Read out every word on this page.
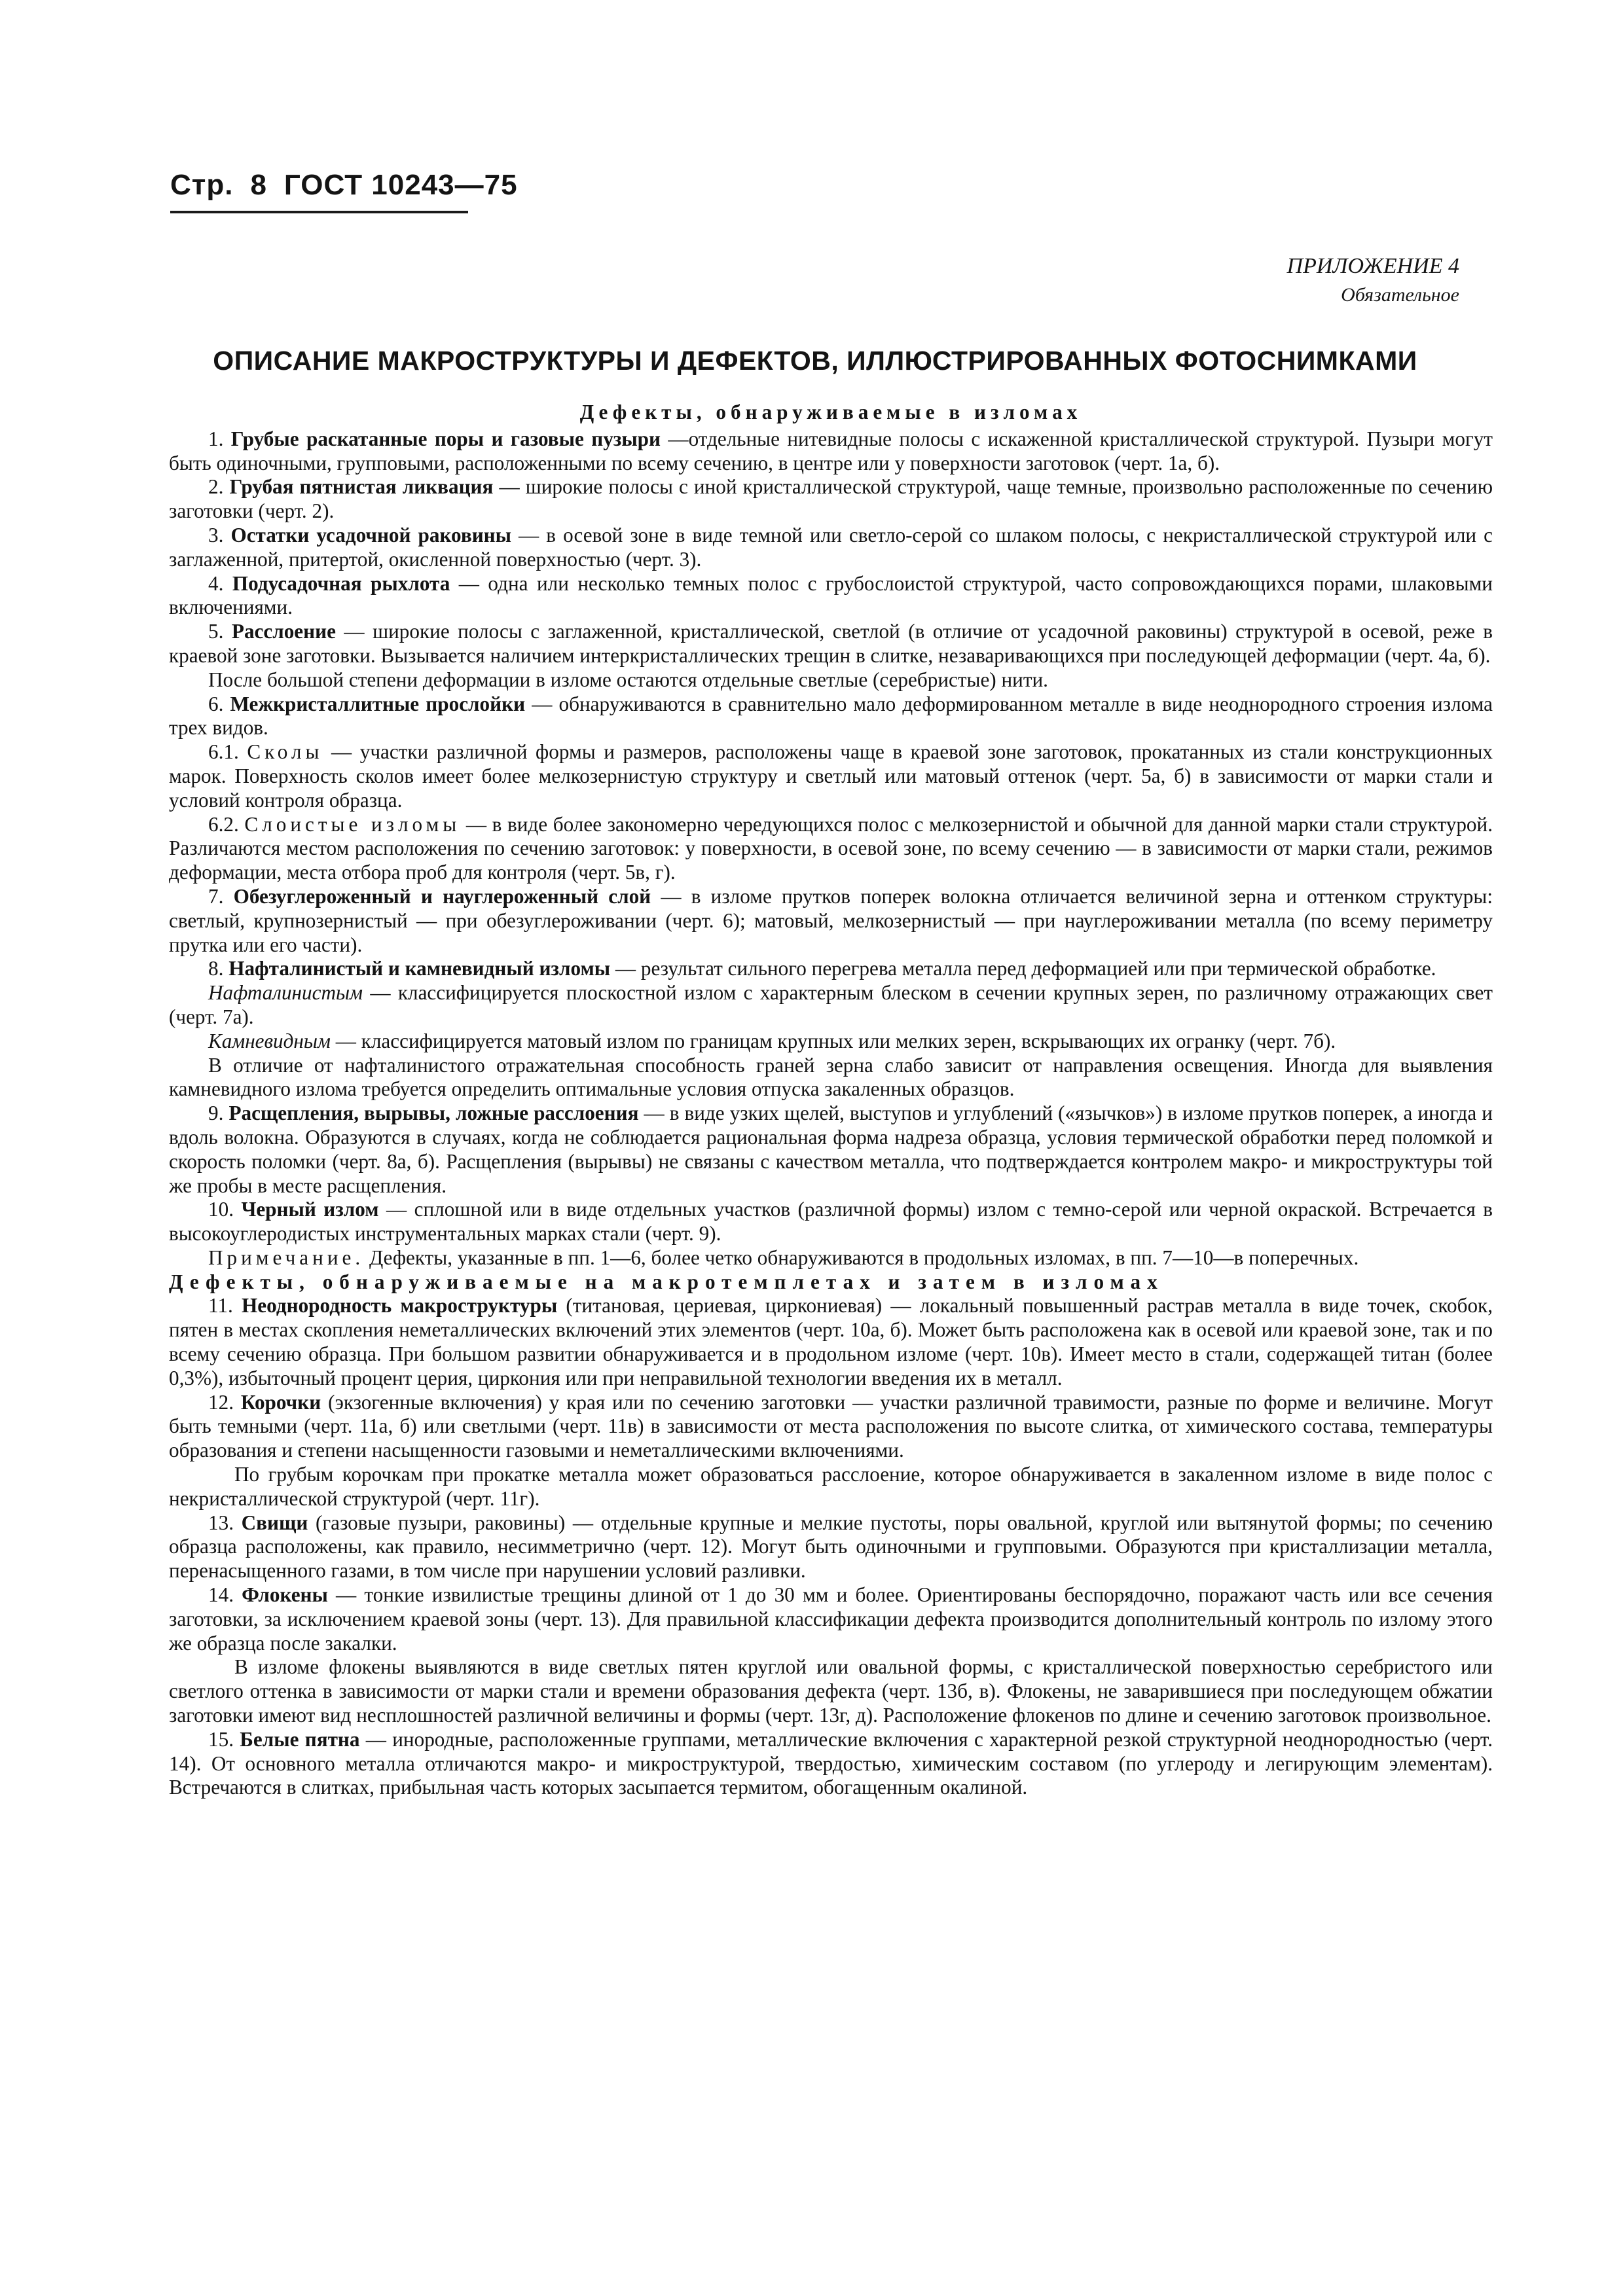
Стр. 8 ГОСТ 10243—75
ПРИЛОЖЕНИЕ 4
Обязательное
ОПИСАНИЕ МАКРОСТРУКТУРЫ И ДЕФЕКТОВ, ИЛЛЮСТРИРОВАННЫХ ФОТОСНИМКАМИ

Дефекты, обнаруживаемые в изломах

1. Грубые раскатанные поры и газовые пузыри —отдельные нитевидные полосы с искаженной кристаллической структурой. Пузыри могут быть одиночными, групповыми, расположенными по всему сечению, в центре или у поверхности заготовок (черт. 1а, б).

2. Грубая пятнистая ликвация — широкие полосы с иной кристаллической структурой, чаще темные, произвольно расположенные по сечению заготовки (черт. 2).

3. Остатки усадочной раковины — в осевой зоне в виде темной или светло-серой со шлаком полосы, с некристаллической структурой или с заглаженной, притертой, окисленной поверхностью (черт. 3).

4. Подусадочная рыхлота — одна или несколько темных полос с грубослоистой структурой, часто сопровождающихся порами, шлаковыми включениями.

5. Расслоение — широкие полосы с заглаженной, кристаллической, светлой (в отличие от усадочной раковины) структурой в осевой, реже в краевой зоне заготовки. Вызывается наличием интеркристаллических трещин в слитке, незаваривающихся при последующей деформации (черт. 4а, б).

После большой степени деформации в изломе остаются отдельные светлые (серебристые) нити.

6. Межкристаллитные прослойки — обнаруживаются в сравнительно мало деформированном металле в виде неоднородного строения излома трех видов.

6.1. Сколы — участки различной формы и размеров, расположены чаще в краевой зоне заготовок, прокатанных из стали конструкционных марок. Поверхность сколов имеет более мелкозернистую структуру и светлый или матовый оттенок (черт. 5а, б) в зависимости от марки стали и условий контроля образца.

6.2. Слоистые изломы — в виде более закономерно чередующихся полос с мелкозернистой и обычной для данной марки стали структурой. Различаются местом расположения по сечению заготовок: у поверхности, в осевой зоне, по всему сечению — в зависимости от марки стали, режимов деформации, места отбора проб для контроля (черт. 5в, г).

7. Обезуглероженный и науглероженный слой — в изломе прутков поперек волокна отличается величиной зерна и оттенком структуры: светлый, крупнозернистый — при обезуглероживании (черт. 6); матовый, мелкозернистый — при науглероживании металла (по всему периметру прутка или его части).

8. Нафталинистый и камневидный изломы — результат сильного перегрева металла перед деформацией или при термической обработке.

Нафталинистым — классифицируется плоскостной излом с характерным блеском в сечении крупных зерен, по различному отражающих свет (черт. 7а).

Камневидным — классифицируется матовый излом по границам крупных или мелких зерен, вскрывающих их огранку (черт. 7б).

В отличие от нафталинистого отражательная способность граней зерна слабо зависит от направления освещения. Иногда для выявления камневидного излома требуется определить оптимальные условия отпуска закаленных образцов.

9. Расщепления, вырывы, ложные расслоения — в виде узких щелей, выступов и углублений («язычков») в изломе прутков поперек, а иногда и вдоль волокна. Образуются в случаях, когда не соблюдается рациональная форма надреза образца, условия термической обработки перед поломкой и скорость поломки (черт. 8а, б). Расщепления (вырывы) не связаны с качеством металла, что подтверждается контролем макро- и микроструктуры той же пробы в месте расщепления.

10. Черный излом — сплошной или в виде отдельных участков (различной формы) излом с темно-серой или черной окраской. Встречается в высокоуглеродистых инструментальных марках стали (черт. 9).

Примечание. Дефекты, указанные в пп. 1—6, более четко обнаруживаются в продольных изломах, в пп. 7—10—в поперечных.

Дефекты, обнаруживаемые на макротемплетах и затем в изломах

11. Неоднородность макроструктуры (титановая, цериевая, циркониевая) — локальный повышенный растрав металла в виде точек, скобок, пятен в местах скопления неметаллических включений этих элементов (черт. 10а, б). Может быть расположена как в осевой или краевой зоне, так и по всему сечению образца. При большом развитии обнаруживается и в продольном изломе (черт. 10в). Имеет место в стали, содержащей титан (более 0,3%), избыточный процент церия, циркония или при неправильной технологии введения их в металл.

12. Корочки (экзогенные включения) у края или по сечению заготовки — участки различной травимости, разные по форме и величине. Могут быть темными (черт. 11а, б) или светлыми (черт. 11в) в зависимости от места расположения по высоте слитка, от химического состава, температуры образования и степени насыщенности газовыми и неметаллическими включениями.

По грубым корочкам при прокатке металла может образоваться расслоение, которое обнаруживается в закаленном изломе в виде полос с некристаллической структурой (черт. 11г).

13. Свищи (газовые пузыри, раковины) — отдельные крупные и мелкие пустоты, поры овальной, круглой или вытянутой формы; по сечению образца расположены, как правило, несимметрично (черт. 12). Могут быть одиночными и групповыми. Образуются при кристаллизации металла, перенасыщенного газами, в том числе при нарушении условий разливки.

14. Флокены — тонкие извилистые трещины длиной от 1 до 30 мм и более. Ориентированы беспорядочно, поражают часть или все сечения заготовки, за исключением краевой зоны (черт. 13). Для правильной классификации дефекта производится дополнительный контроль по излому этого же образца после закалки.

В изломе флокены выявляются в виде светлых пятен круглой или овальной формы, с кристаллической поверхностью серебристого или светлого оттенка в зависимости от марки стали и времени образования дефекта (черт. 13б, в). Флокены, не заварившиеся при последующем обжатии заготовки имеют вид несплошностей различной величины и формы (черт. 13г, д). Расположение флокенов по длине и сечению заготовок произвольное.

15. Белые пятна — инородные, расположенные группами, металлические включения с характерной резкой структурной неоднородностью (черт. 14). От основного металла отличаются макро- и микроструктурой, твердостью, химическим составом (по углероду и легирующим элементам). Встречаются в слитках, прибыльная часть которых засыпается термитом, обогащенным окалиной.
